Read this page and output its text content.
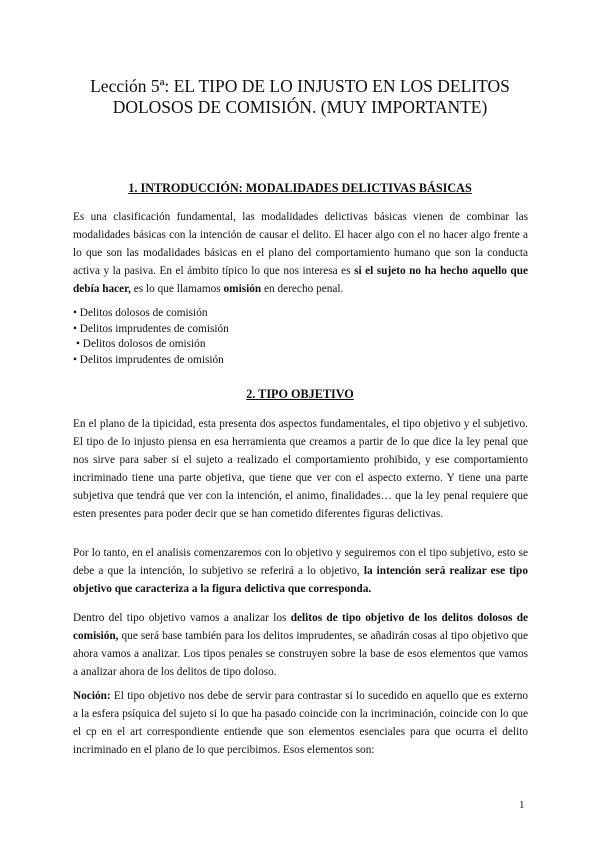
Lección 5ª: EL TIPO DE LO INJUSTO EN LOS DELITOS
DOLOSOS DE COMISIÓN. (MUY IMPORTANTE)
1. INTRODUCCIÓN: MODALIDADES DELICTIVAS BÁSICAS

Es una clasificación fundamental, las modalidades delictivas básicas vienen de combinar las modalidades básicas con la intención de causar el delito. El hacer algo con el no hacer algo frente a lo que son las modalidades básicas en el plano del comportamiento humano que son la conducta activa y la pasiva. En el ámbito típico lo que nos interesa es si el sujeto no ha hecho aquello que debía hacer, es lo que llamamos omisión en derecho penal.

• Delitos dolosos de comisión
• Delitos imprudentes de comisión
• Delitos dolosos de omisión
• Delitos imprudentes de omisión
2. TIPO OBJETIVO

En el plano de la tipicidad, esta presenta dos aspectos fundamentales, el tipo objetivo y el subjetivo. El tipo de lo injusto piensa en esa herramienta que creamos a partir de lo que dice la ley penal que nos sirve para saber si el sujeto a realizado el comportamiento prohibido, y ese comportamiento incriminado tiene una parte objetiva, que tiene que ver con el aspecto externo. Y tiene una parte subjetiva que tendrá que ver con la intención, el animo, finalidades… que la ley penal requiere que esten presentes para poder decir que se han cometido diferentes figuras delictivas.

Por lo tanto, en el analisis comenzaremos con lo objetivo y seguiremos con el tipo subjetivo, esto se debe a que la intención, lo subjetivo se referirá a lo objetivo, la intención será realizar ese tipo objetivo que caracteriza a la figura delictiva que corresponda.

Dentro del tipo objetivo vamos a analizar los delitos de tipo objetivo de los delitos dolosos de comisión, que será base también para los delitos imprudentes, se añadirán cosas al tipo objetivo que ahora vamos a analizar. Los tipos penales se construyen sobre la base de esos elementos que vamos a analizar ahora de los delitos de tipo doloso.

Noción: El tipo objetivo nos debe de servir para contrastar si lo sucedido en aquello que es externo a la esfera psíquica del sujeto si lo que ha pasado coincide con la incriminación, coincide con lo que el cp en el art correspondiente entiende que son elementos esenciales para que ocurra el delito incriminado en el plano de lo que percibimos. Esos elementos son:

1
